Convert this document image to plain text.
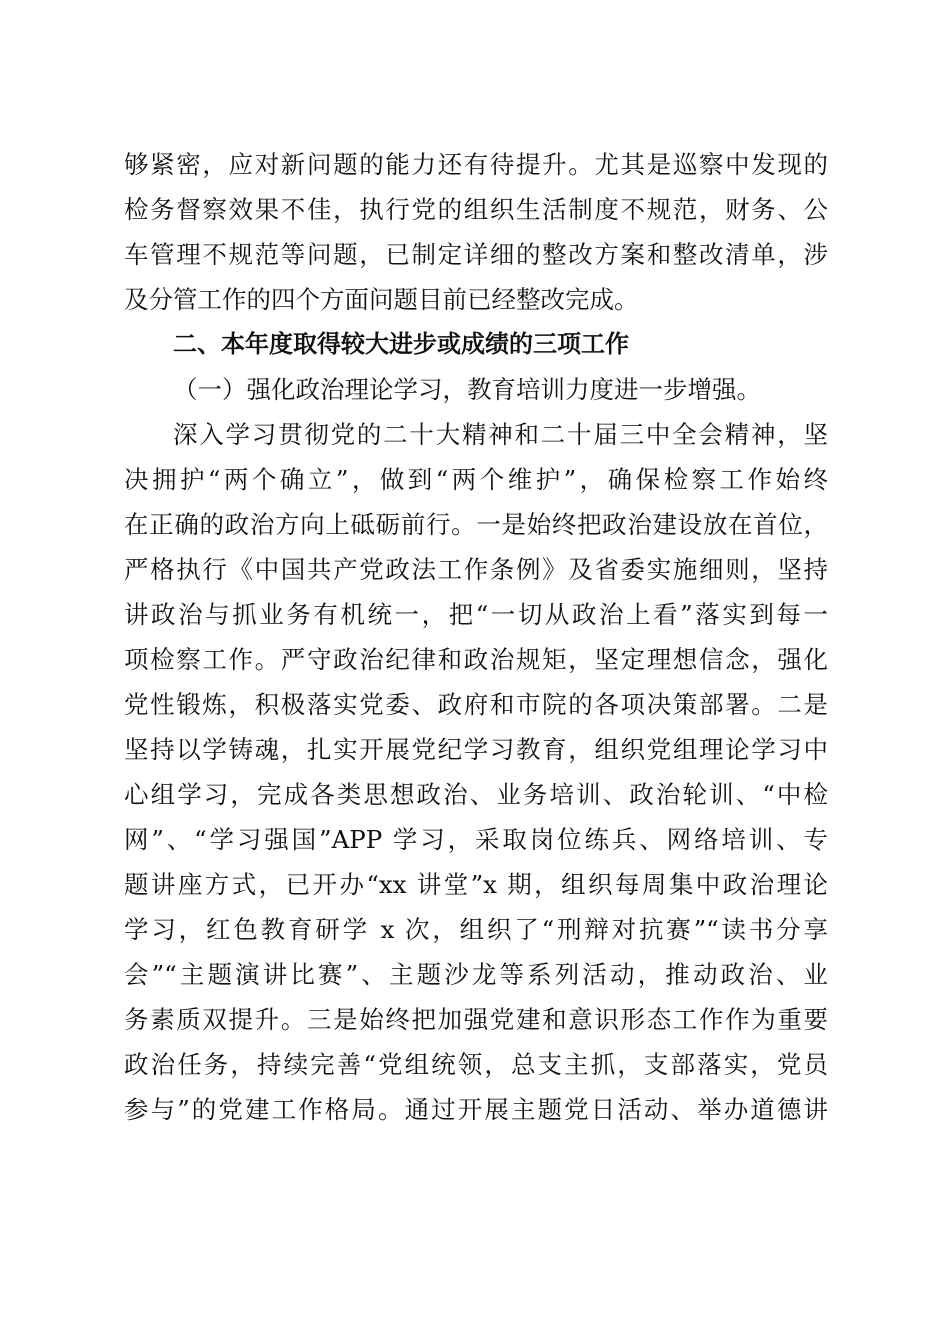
够紧密，应对新问题的能力还有待提升。尤其是巡察中发现的
检务督察效果不佳，执行党的组织生活制度不规范，财务、公
车管理不规范等问题，已制定详细的整改方案和整改清单，涉
及分管工作的四个方面问题目前已经整改完成。
二、本年度取得较大进步或成绩的三项工作
（一）强化政治理论学习，教育培训力度进一步增强。
深入学习贯彻党的二十大精神和二十届三中全会精神，坚
决拥护“两个确立”，做到“两个维护”，确保检察工作始终
在正确的政治方向上砥砺前行。一是始终把政治建设放在首位，
严格执行《中国共产党政法工作条例》及省委实施细则，坚持
讲政治与抓业务有机统一，把“一切从政治上看”落实到每一
项检察工作。严守政治纪律和政治规矩，坚定理想信念，强化
党性锻炼，积极落实党委、政府和市院的各项决策部署。二是
坚持以学铸魂，扎实开展党纪学习教育，组织党组理论学习中
心组学习，完成各类思想政治、业务培训、政治轮训、“中检
网”、“学习强国”APP 学习，采取岗位练兵、网络培训、专
题讲座方式，已开办“xx 讲堂”x 期，组织每周集中政治理论
学习，红色教育研学 x 次，组织了“刑辩对抗赛”“读书分享
会”“主题演讲比赛”、主题沙龙等系列活动，推动政治、业
务素质双提升。三是始终把加强党建和意识形态工作作为重要
政治任务，持续完善“党组统领，总支主抓，支部落实，党员
参与”的党建工作格局。通过开展主题党日活动、举办道德讲
